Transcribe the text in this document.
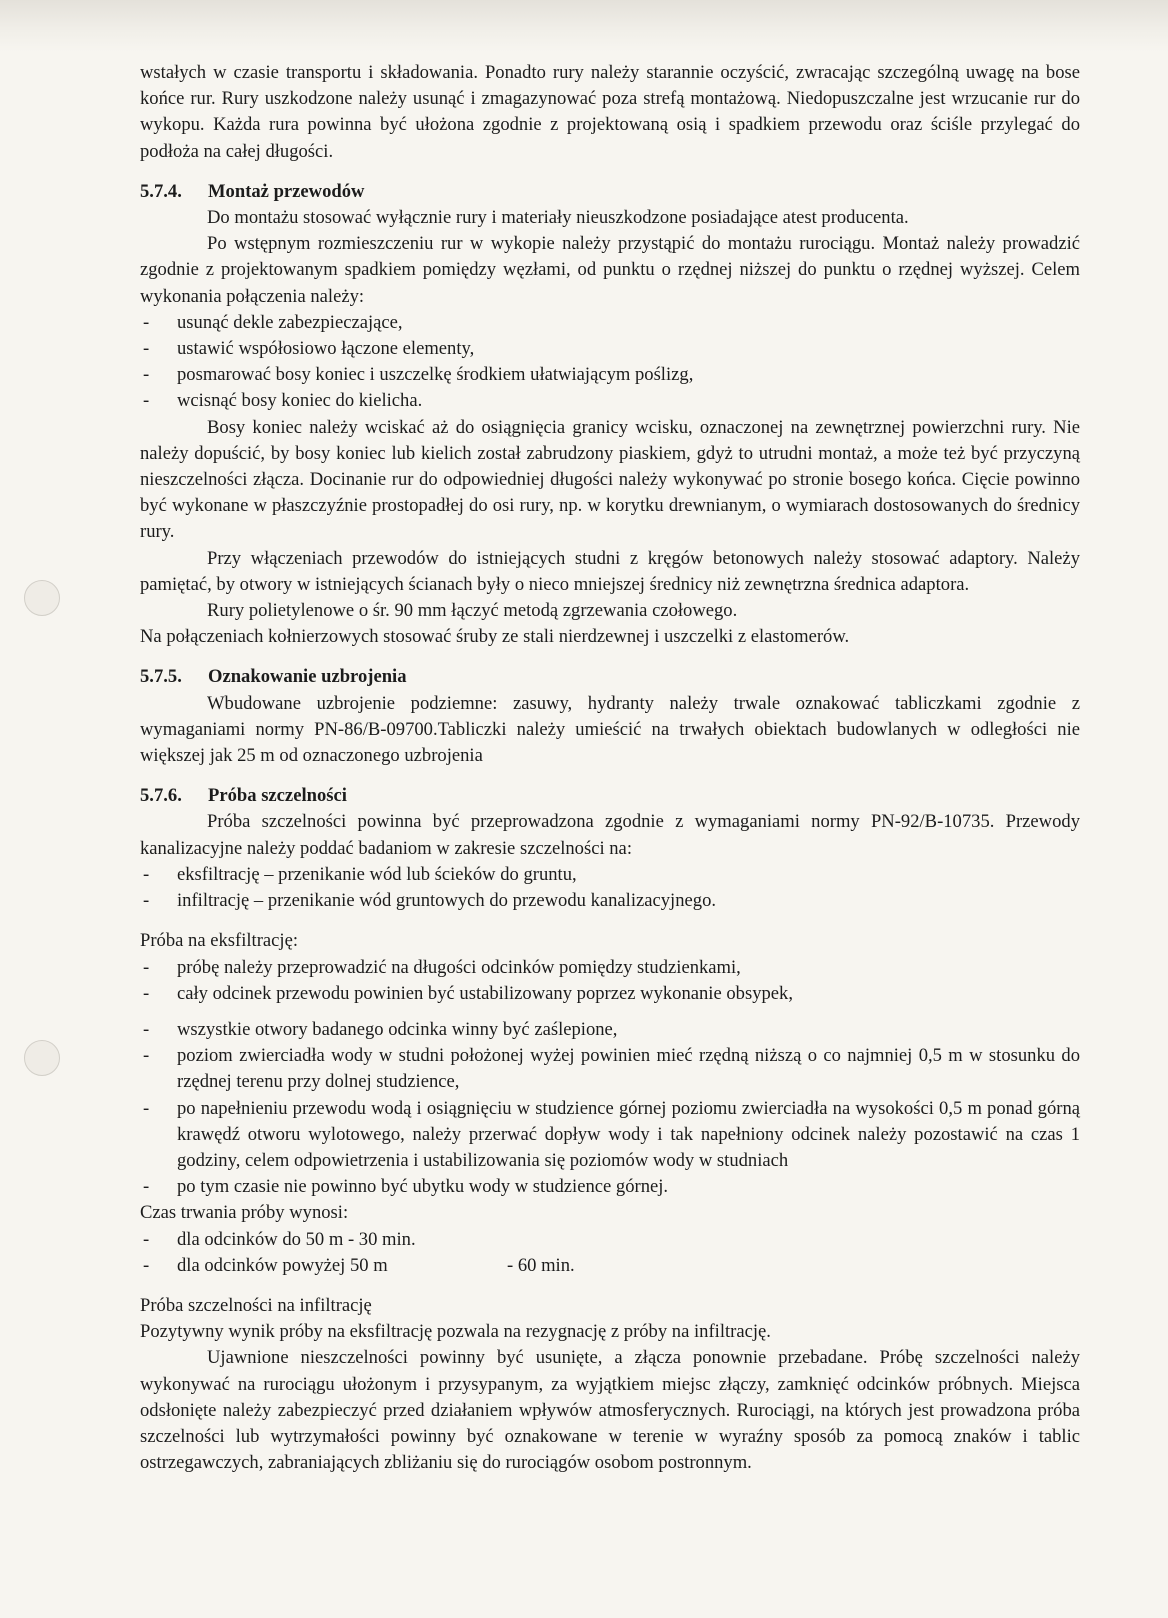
wstałych w czasie transportu i składowania. Ponadto rury należy starannie oczyścić, zwracając szczególną uwagę na bose końce rur. Rury uszkodzone należy usunąć i zmagazynować poza strefą montażową. Niedopuszczalne jest wrzucanie rur do wykopu. Każda rura powinna być ułożona zgodnie z projektowaną osią i spadkiem przewodu oraz ściśle przylegać do podłoża na całej długości.

5.7.4. Montaż przewodów

Do montażu stosować wyłącznie rury i materiały nieuszkodzone posiadające atest producenta.

Po wstępnym rozmieszczeniu rur w wykopie należy przystąpić do montażu rurociągu. Montaż należy prowadzić zgodnie z projektowanym spadkiem pomiędzy węzłami, od punktu o rzędnej niższej do punktu o rzędnej wyższej. Celem wykonania połączenia należy:

- usunąć dekle zabezpieczające,
- ustawić współosiowo łączone elementy,
- posmarować bosy koniec i uszczelkę środkiem ułatwiającym poślizg,
- wcisnąć bosy koniec do kielicha.

Bosy koniec należy wciskać aż do osiągnięcia granicy wcisku, oznaczonej na zewnętrznej powierzchni rury. Nie należy dopuścić, by bosy koniec lub kielich został zabrudzony piaskiem, gdyż to utrudni montaż, a może też być przyczyną nieszczelności złącza. Docinanie rur do odpowiedniej długości należy wykonywać po stronie bosego końca. Cięcie powinno być wykonane w płaszczyźnie prostopadłej do osi rury, np. w korytku drewnianym, o wymiarach dostosowanych do średnicy rury.

Przy włączeniach przewodów do istniejących studni z kręgów betonowych należy stosować adaptory. Należy pamiętać, by otwory w istniejących ścianach były o nieco mniejszej średnicy niż zewnętrzna średnica adaptora.

Rury polietylenowe o śr. 90 mm łączyć metodą zgrzewania czołowego.

Na połączeniach kołnierzowych stosować śruby ze stali nierdzewnej i uszczelki z elastomerów.

5.7.5. Oznakowanie uzbrojenia

Wbudowane uzbrojenie podziemne: zasuwy, hydranty należy trwale oznakować tabliczkami zgodnie z wymaganiami normy PN-86/B-09700.Tabliczki należy umieścić na trwałych obiektach budowlanych w odległości nie większej jak 25 m od oznaczonego uzbrojenia

5.7.6. Próba szczelności

Próba szczelności powinna być przeprowadzona zgodnie z wymaganiami normy PN-92/B-10735. Przewody kanalizacyjne należy poddać badaniom w zakresie szczelności na:

- eksfiltrację – przenikanie wód lub ścieków do gruntu,
- infiltrację – przenikanie wód gruntowych do przewodu kanalizacyjnego.

Próba na eksfiltrację:

- próbę należy przeprowadzić na długości odcinków pomiędzy studzienkami,
- cały odcinek przewodu powinien być ustabilizowany poprzez wykonanie obsypek,
- wszystkie otwory badanego odcinka winny być zaślepione,
- poziom zwierciadła wody w studni położonej wyżej powinien mieć rzędną niższą o co najmniej 0,5 m w stosunku do rzędnej terenu przy dolnej studziencе,
- po napełnieniu przewodu wodą i osiągnięciu w studziencе górnej poziomu zwierciadła na wysokości 0,5 m ponad górną krawędź otworu wylotowego, należy przerwać dopływ wody i tak napełniony odcinek należy pozostawić na czas 1 godziny, celem odpowietrzenia i ustabilizowania się poziomów wody w studniach
- po tym czasie nie powinno być ubytku wody w studziencе górnej.

Czas trwania próby wynosi:

- dla odcinków do 50 m - 30 min.
- dla odcinków powyżej 50 m	- 60 min.

Próba szczelności na infiltrację

Pozytywny wynik próby na eksfiltrację pozwala na rezygnację z próby na infiltrację.

Ujawnione nieszczelności powinny być usunięte, a złącza ponownie przebadane. Próbę szczelności należy wykonywać na rurociągu ułożonym i przysypanym, za wyjątkiem miejsc złączy, zamknięć odcinków próbnych. Miejsca odsłonięte należy zabezpieczyć przed działaniem wpływów atmosferycznych. Rurociągi, na których jest prowadzona próba szczelności lub wytrzymałości powinny być oznakowane w terenie w wyraźny sposób za pomocą znaków i tablic ostrzegawczych, zabraniających zbliżaniu się do rurociągów osobom postronnym.
